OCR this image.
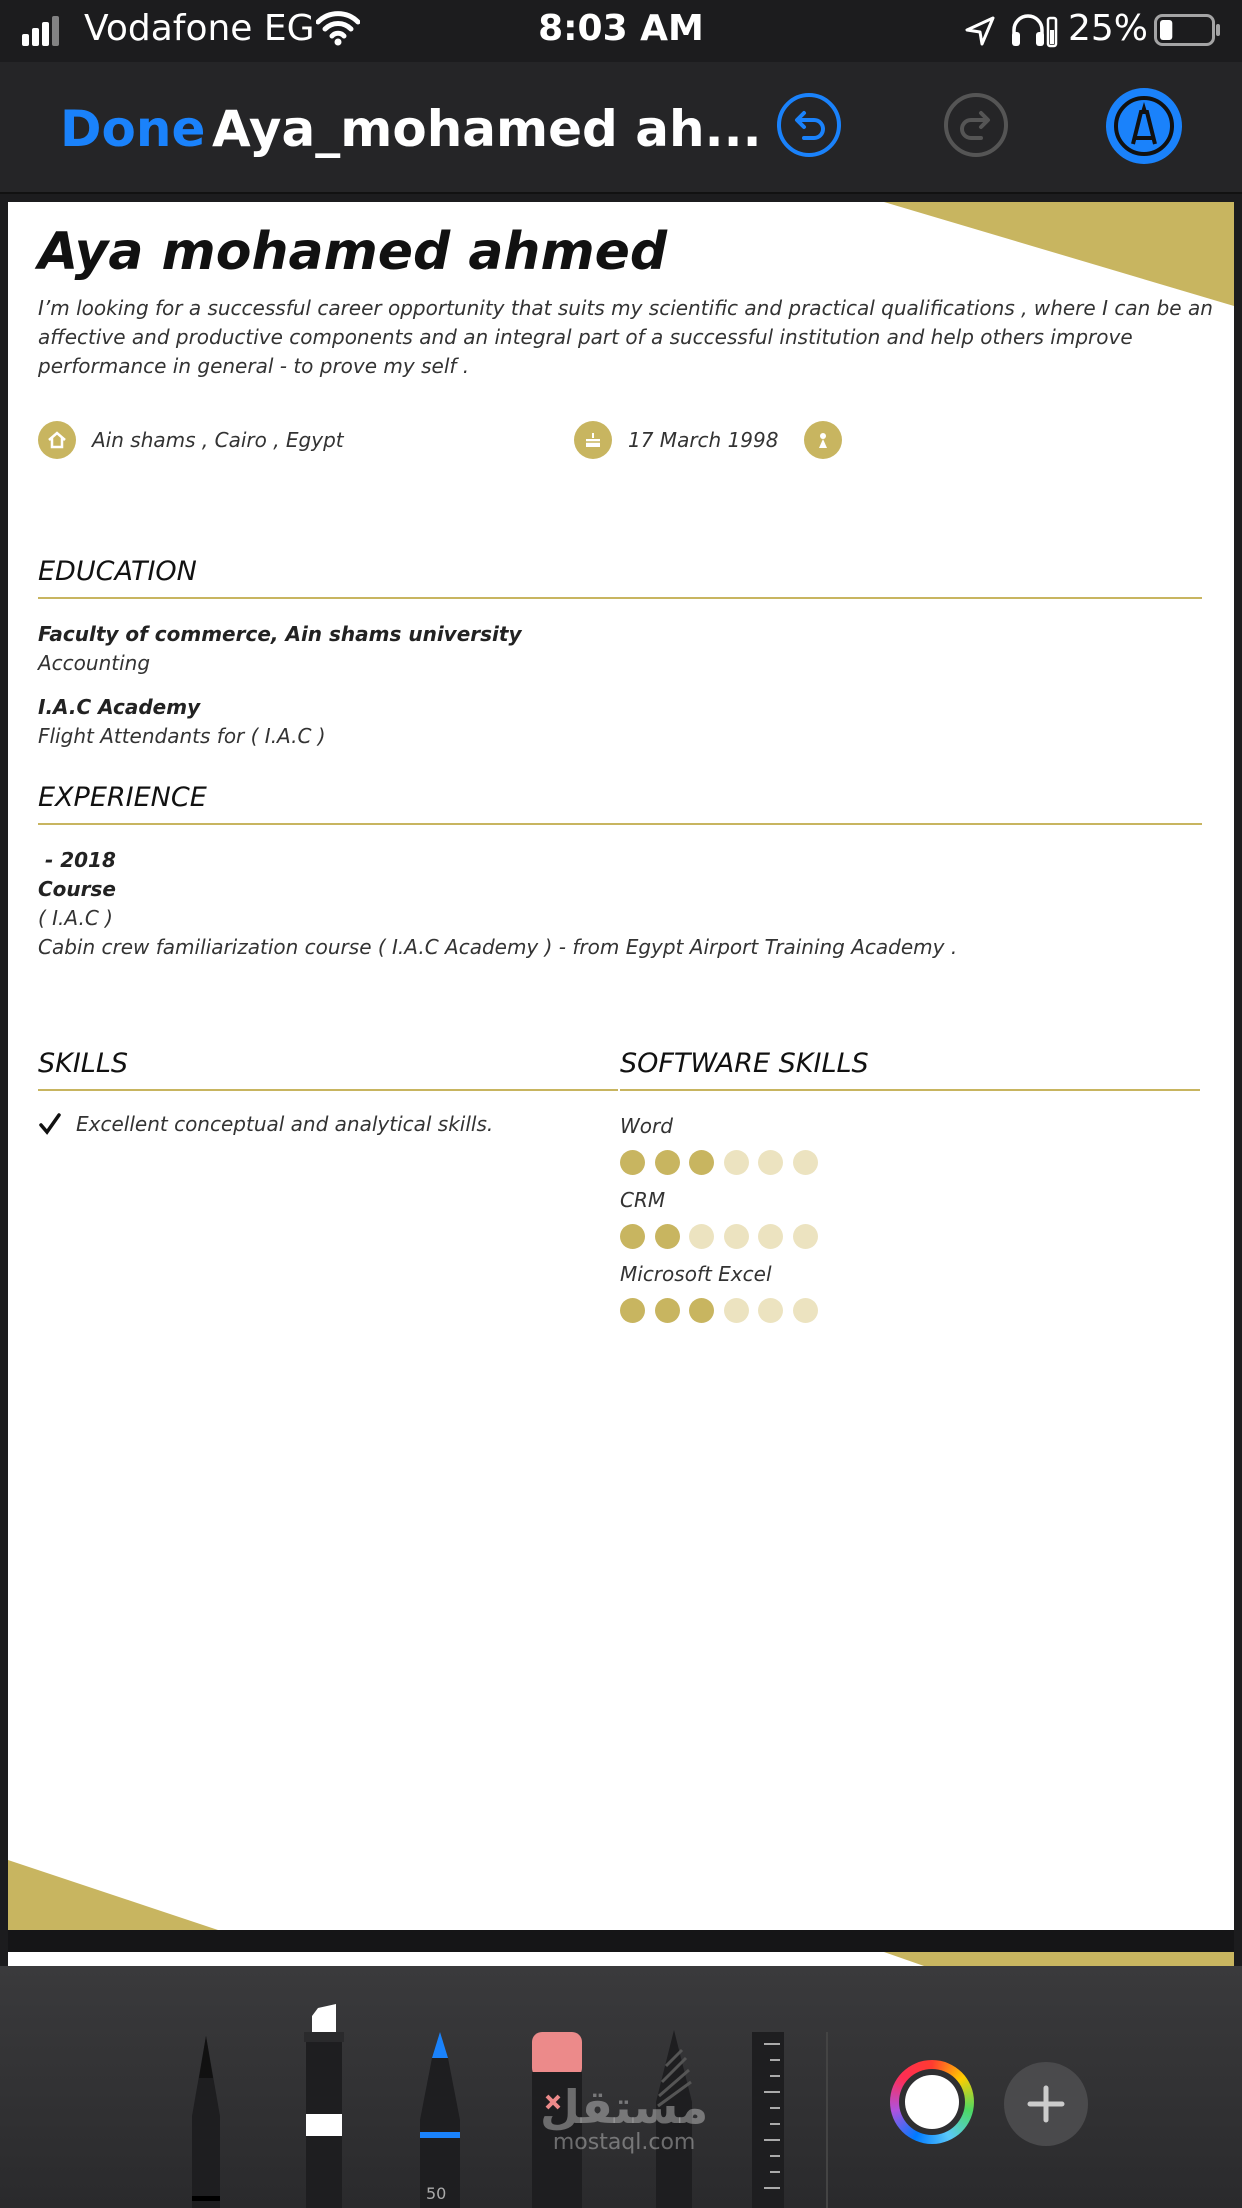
Vodafone EG	8:03 AM	25%
Done Aya_mohamed ah...
Aya mohamed ahmed
I’m looking for a successful career opportunity that suits my scientific and practical qualifications , where I can be an affective and productive components and an integral part of a successful institution and help others improve performance in general - to prove my self .
Ain shams , Cairo , Egypt	17 March 1998
EDUCATION
Faculty of commerce, Ain shams university
Accounting
I.A.C Academy
Flight Attendants for ( I.A.C )
EXPERIENCE
- 2018
Course
( I.A.C )
Cabin crew familiarization course ( I.A.C Academy ) - from Egypt Airport Training Academy .
SKILLS
Excellent conceptual and analytical skills.
SOFTWARE SKILLS
Word
CRM
Microsoft Excel
50
مستقل
mostaql.com
